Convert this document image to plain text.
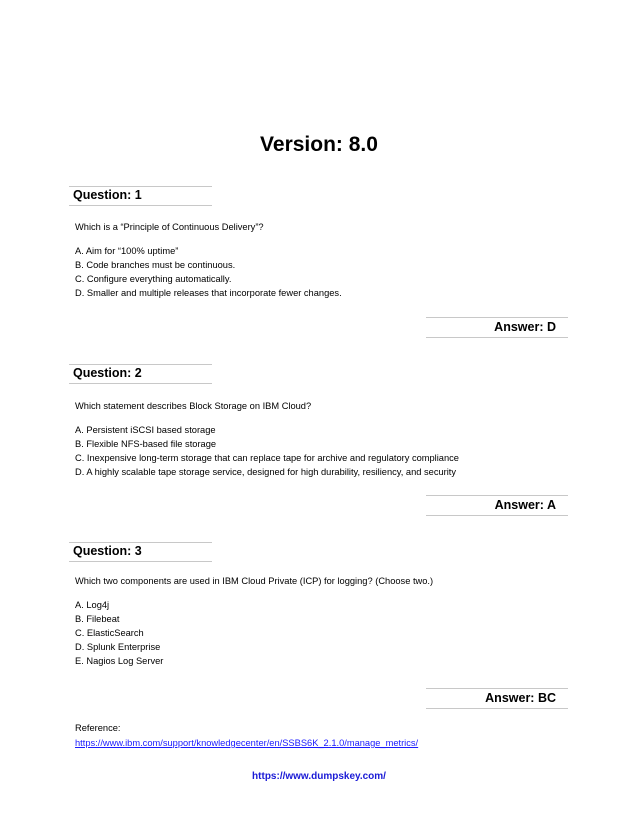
Version: 8.0
Question: 1
Which is a “Principle of Continuous Delivery”?
A. Aim for “100% uptime”
B. Code branches must be continuous.
C. Configure everything automatically.
D. Smaller and multiple releases that incorporate fewer changes.
Answer: D
Question: 2
Which statement describes Block Storage on IBM Cloud?
A. Persistent iSCSI based storage
B. Flexible NFS-based file storage
C. Inexpensive long-term storage that can replace tape for archive and regulatory compliance
D. A highly scalable tape storage service, designed for high durability, resiliency, and security
Answer: A
Question: 3
Which two components are used in IBM Cloud Private (ICP) for logging? (Choose two.)
A. Log4j
B. Filebeat
C. ElasticSearch
D. Splunk Enterprise
E. Nagios Log Server
Answer: BC
Reference:
https://www.ibm.com/support/knowledgecenter/en/SSBS6K_2.1.0/manage_metrics/
https://www.dumpskey.com/
